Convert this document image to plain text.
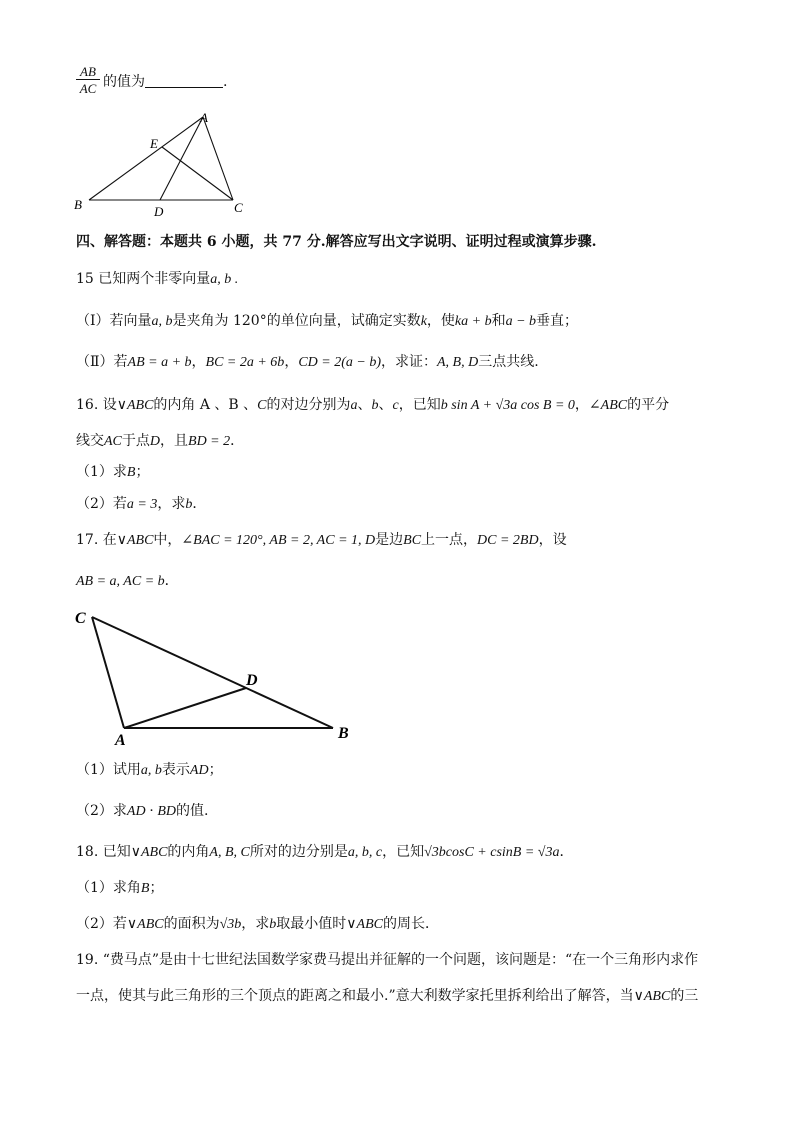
$\frac{AB}{AC}$ 的值为	.
A
E
B	D	C
四、解答题：本题共 6 小题，共 77 分.解答应写出文字说明、证明过程或演算步骤.
15 已知两个非零向量a, b .
（Ⅰ）若向量a, b是夹角为 120°的单位向量，试确定实数k，使ka + b和a − b垂直；
（Ⅱ）若AB = a + b，BC = 2a + 6b，CD = 2(a − b)，求证：A, B, D三点共线.
16. 设∨ABC的内角 A 、B 、C的对边分别为a、b、c，已知b sin A + √3a cos B = 0，∠ABC的平分
线交AC于点D，且BD = 2．
（1）求B；
（2）若a = 3，求b．
17. 在∨ABC中，∠BAC = 120°, AB = 2, AC = 1, D是边BC上一点，DC = 2BD，设
AB = a, AC = b．
C
D
A	B
（1）试用a, b表示AD；
（2）求AD ⋅ BD的值.
18. 已知∨ABC的内角A, B, C所对的边分别是a, b, c，已知√3bcosC + csinB = √3a．
（1）求角B；
（2）若∨ABC的面积为√3b，求b取最小值时∨ABC的周长．
19. “费马点”是由十七世纪法国数学家费马提出并征解的一个问题，该问题是：“在一个三角形内求作
一点，使其与此三角形的三个顶点的距离之和最小.”意大利数学家托里拆利给出了解答，当∨ABC的三
